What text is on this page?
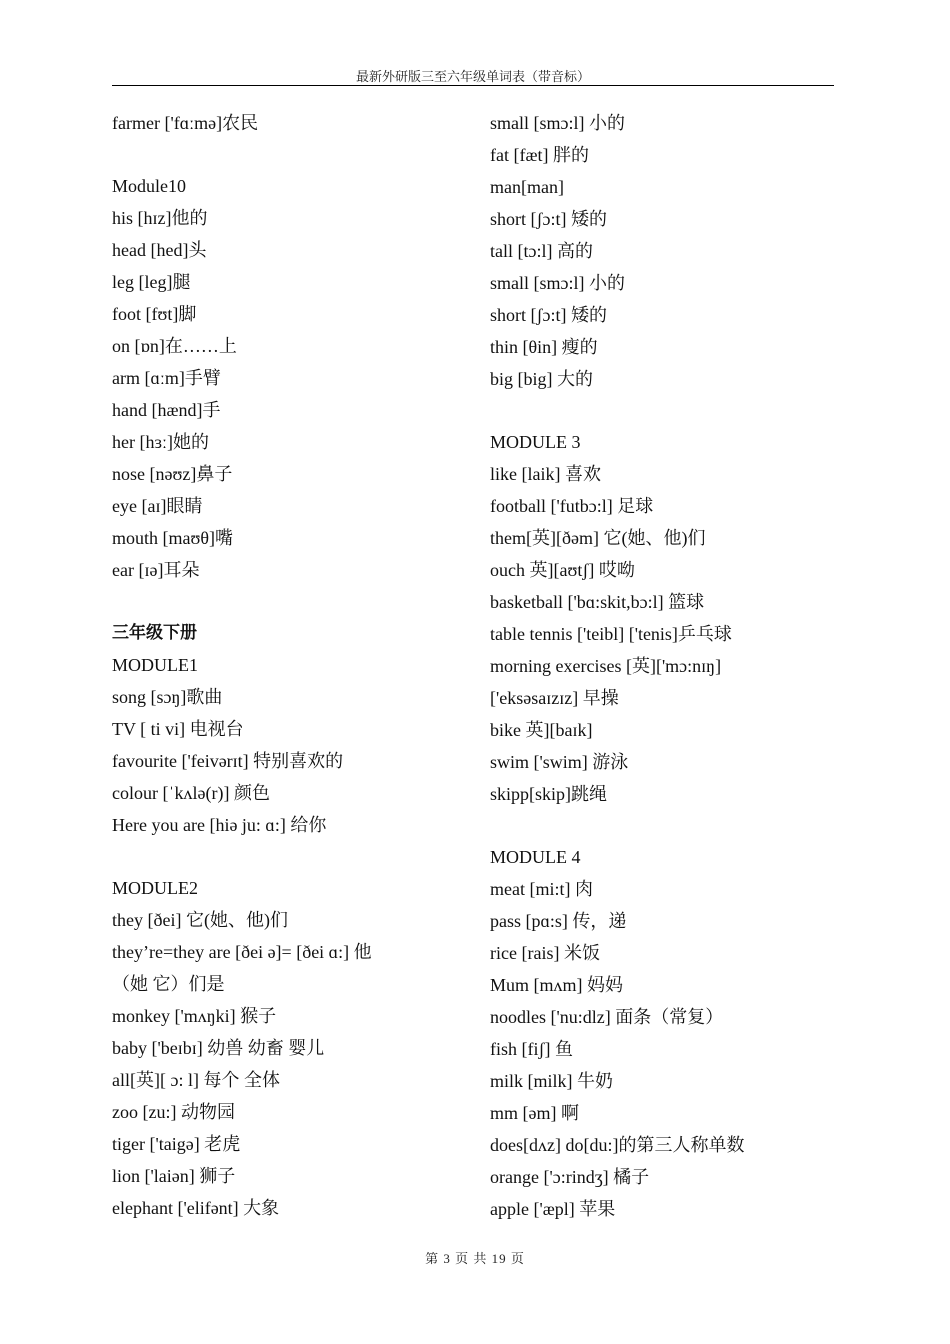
最新外研版三至六年级单词表（带音标）
farmer ['fɑːmə]农民
Module10
his [hɪz]他的
head [hed]头
leg [leg]腿
foot [fʊt]脚
on [ɒn]在……上
arm [ɑːm]手臂
hand [hænd]手
her [hɜː]她的
nose [nəʊz]鼻子
eye [aɪ]眼睛
mouth [maʊθ]嘴
ear [ɪə]耳朵
三年级下册
MODULE1
song [sɔŋ]歌曲
TV [ ti vi] 电视台
favourite ['feivərɪt] 特别喜欢的
colour [ˈkʌlə(r)] 颜色
Here you are [hiə ju: ɑ:] 给你
MODULE2
they [ðei] 它(她、他)们
they’re=they are [ðei ə]= [ðei ɑ:] 他
（她 它）们是
monkey ['mʌŋki] 猴子
baby ['beɪbɪ] 幼兽 幼畜 婴儿
all[英][ ɔ: l] 每个 全体
zoo [zu:] 动物园
tiger ['taigə] 老虎
lion ['laiən] 狮子
elephant ['elifənt] 大象
small [smɔ:l] 小的
fat [fæt] 胖的
man[man]
short [ʃɔ:t] 矮的
tall [tɔ:l] 高的
small [smɔ:l] 小的
short [ʃɔ:t] 矮的
thin [θin] 瘦的
big [big] 大的
MODULE 3
like [laik] 喜欢
football ['futbɔ:l] 足球
them[英][ðəm] 它(她、他)们
ouch 英][aʊtʃ] 哎呦
basketball ['bɑ:skit,bɔ:l] 篮球
table tennis ['teibl] ['tenis]乒乓球
morning exercises [英]['mɔ:nɪŋ]
['eksəsaɪzɪz] 早操
bike 英][baɪk]
swim ['swim] 游泳
skipp[skip]跳绳
MODULE 4
meat [mi:t] 肉
pass [pɑ:s] 传，递
rice [rais] 米饭
Mum [mʌm] 妈妈
noodles ['nu:dlz] 面条（常复）
fish [fiʃ] 鱼
milk [milk] 牛奶
mm [əm] 啊
does[dʌz] do[du:]的第三人称单数
orange ['ɔ:rindʒ] 橘子
apple ['æpl] 苹果
第 3 页 共 19 页
